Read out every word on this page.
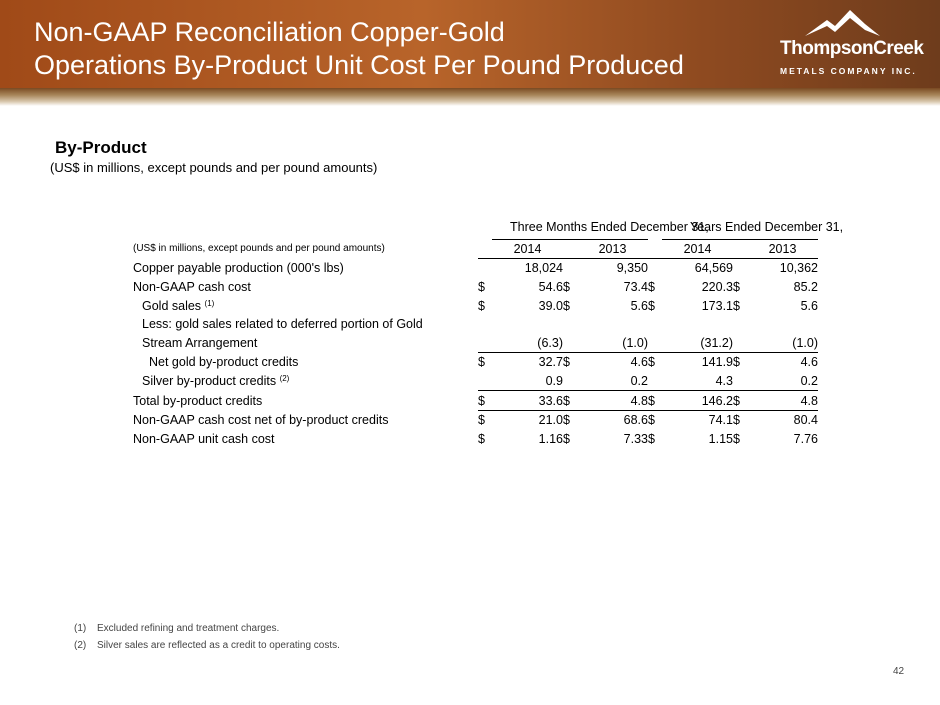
Non-GAAP Reconciliation Copper-Gold
Operations By-Product Unit Cost Per Pound Produced
ThompsonCreek
METALS COMPANY INC.
By-Product
(US$ in millions, except pounds and per pound amounts)
		Three Months Ended December 31,				Years Ended December 31,		
(US$ in millions, except pounds and per pound amounts)		2014		2013		2014		2013
Copper payable production (000's lbs)		18,024		9,350		64,569		10,362
Non-GAAP cash cost	$	54.6	$	73.4	$	220.3	$	85.2
Gold sales $^{(1)}$	$	39.0	$	5.6	$	173.1	$	5.6
Less: gold sales related to deferred portion of Gold								
Stream Arrangement		(6.3)		(1.0)		(31.2)		(1.0)
Net gold by-product credits	$	32.7	$	4.6	$	141.9	$	4.6
Silver by-product credits $^{(2)}$		0.9		0.2		4.3		0.2
Total by-product credits	$	33.6	$	4.8	$	146.2	$	4.8
Non-GAAP cash cost net of by-product credits	$	21.0	$	68.6	$	74.1	$	80.4
Non-GAAP unit cash cost	$	1.16	$	7.33	$	1.15	$	7.76
(1) Excluded refining and treatment charges.
(2) Silver sales are reflected as a credit to operating costs.
42
